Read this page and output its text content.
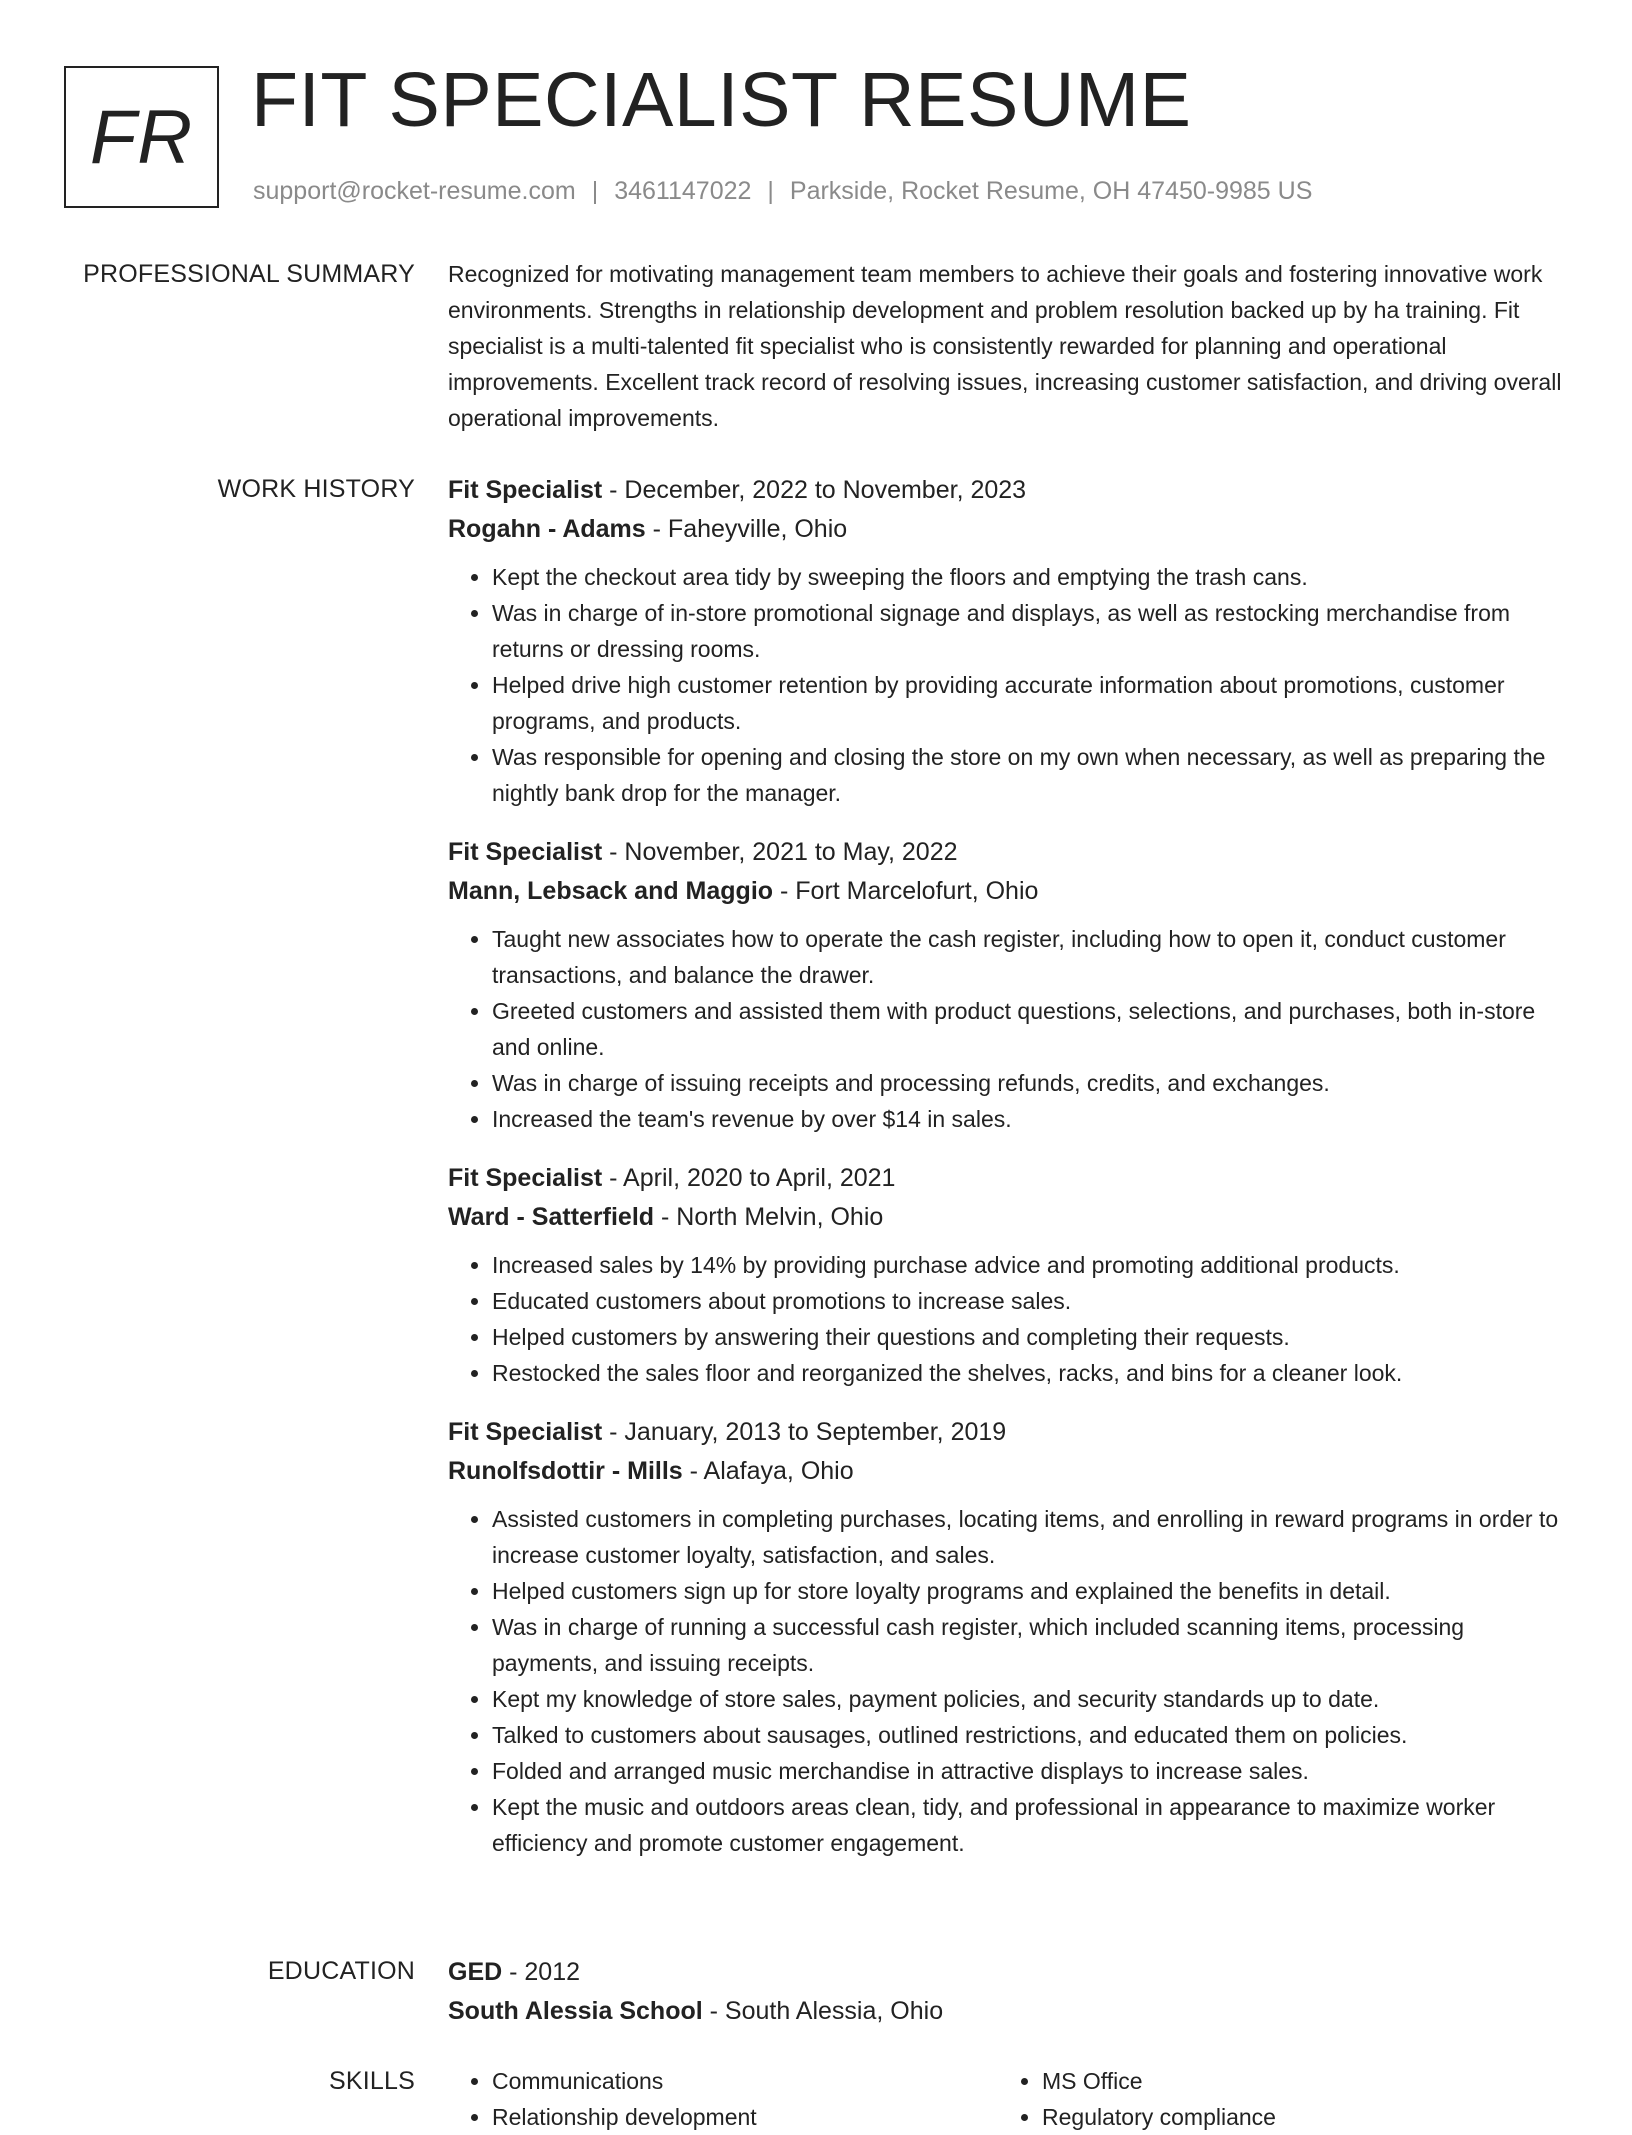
FR FIT SPECIALIST RESUME
support@rocket-resume.com | 3461147022 | Parkside, Rocket Resume, OH 47450-9985 US
PROFESSIONAL SUMMARY Recognized for motivating management team members to achieve their goals and fostering innovative work environments. Strengths in relationship development and problem resolution backed up by ha training. Fit specialist is a multi-talented fit specialist who is consistently rewarded for planning and operational improvements. Excellent track record of resolving issues, increasing customer satisfaction, and driving overall operational improvements.

WORK HISTORY Fit Specialist - December, 2022 to November, 2023

Rogahn - Adams - Faheyville, Ohio

• Kept the checkout area tidy by sweeping the floors and emptying the trash cans.
• Was in charge of in-store promotional signage and displays, as well as restocking merchandise from returns or dressing rooms.
• Helped drive high customer retention by providing accurate information about promotions, customer programs, and products.
• Was responsible for opening and closing the store on my own when necessary, as well as preparing the nightly bank drop for the manager.

Fit Specialist - November, 2021 to May, 2022

Mann, Lebsack and Maggio - Fort Marcelofurt, Ohio

• Taught new associates how to operate the cash register, including how to open it, conduct customer transactions, and balance the drawer.
• Greeted customers and assisted them with product questions, selections, and purchases, both in-store and online.
• Was in charge of issuing receipts and processing refunds, credits, and exchanges.
• Increased the team's revenue by over $14 in sales.

Fit Specialist - April, 2020 to April, 2021

Ward - Satterfield - North Melvin, Ohio

• Increased sales by 14% by providing purchase advice and promoting additional products.
• Educated customers about promotions to increase sales.
• Helped customers by answering their questions and completing their requests.
• Restocked the sales floor and reorganized the shelves, racks, and bins for a cleaner look.

Fit Specialist - January, 2013 to September, 2019

Runolfsdottir - Mills - Alafaya, Ohio

• Assisted customers in completing purchases, locating items, and enrolling in reward programs in order to increase customer loyalty, satisfaction, and sales.
• Helped customers sign up for store loyalty programs and explained the benefits in detail.
• Was in charge of running a successful cash register, which included scanning items, processing payments, and issuing receipts.
• Kept my knowledge of store sales, payment policies, and security standards up to date.
• Talked to customers about sausages, outlined restrictions, and educated them on policies.
• Folded and arranged music merchandise in attractive displays to increase sales.
• Kept the music and outdoors areas clean, tidy, and professional in appearance to maximize worker efficiency and promote customer engagement.
EDUCATION GED - 2012

South Alessia School - South Alessia, Ohio

SKILLS
•	Communications
• Relationship development
• MS Office
• Regulatory compliance
